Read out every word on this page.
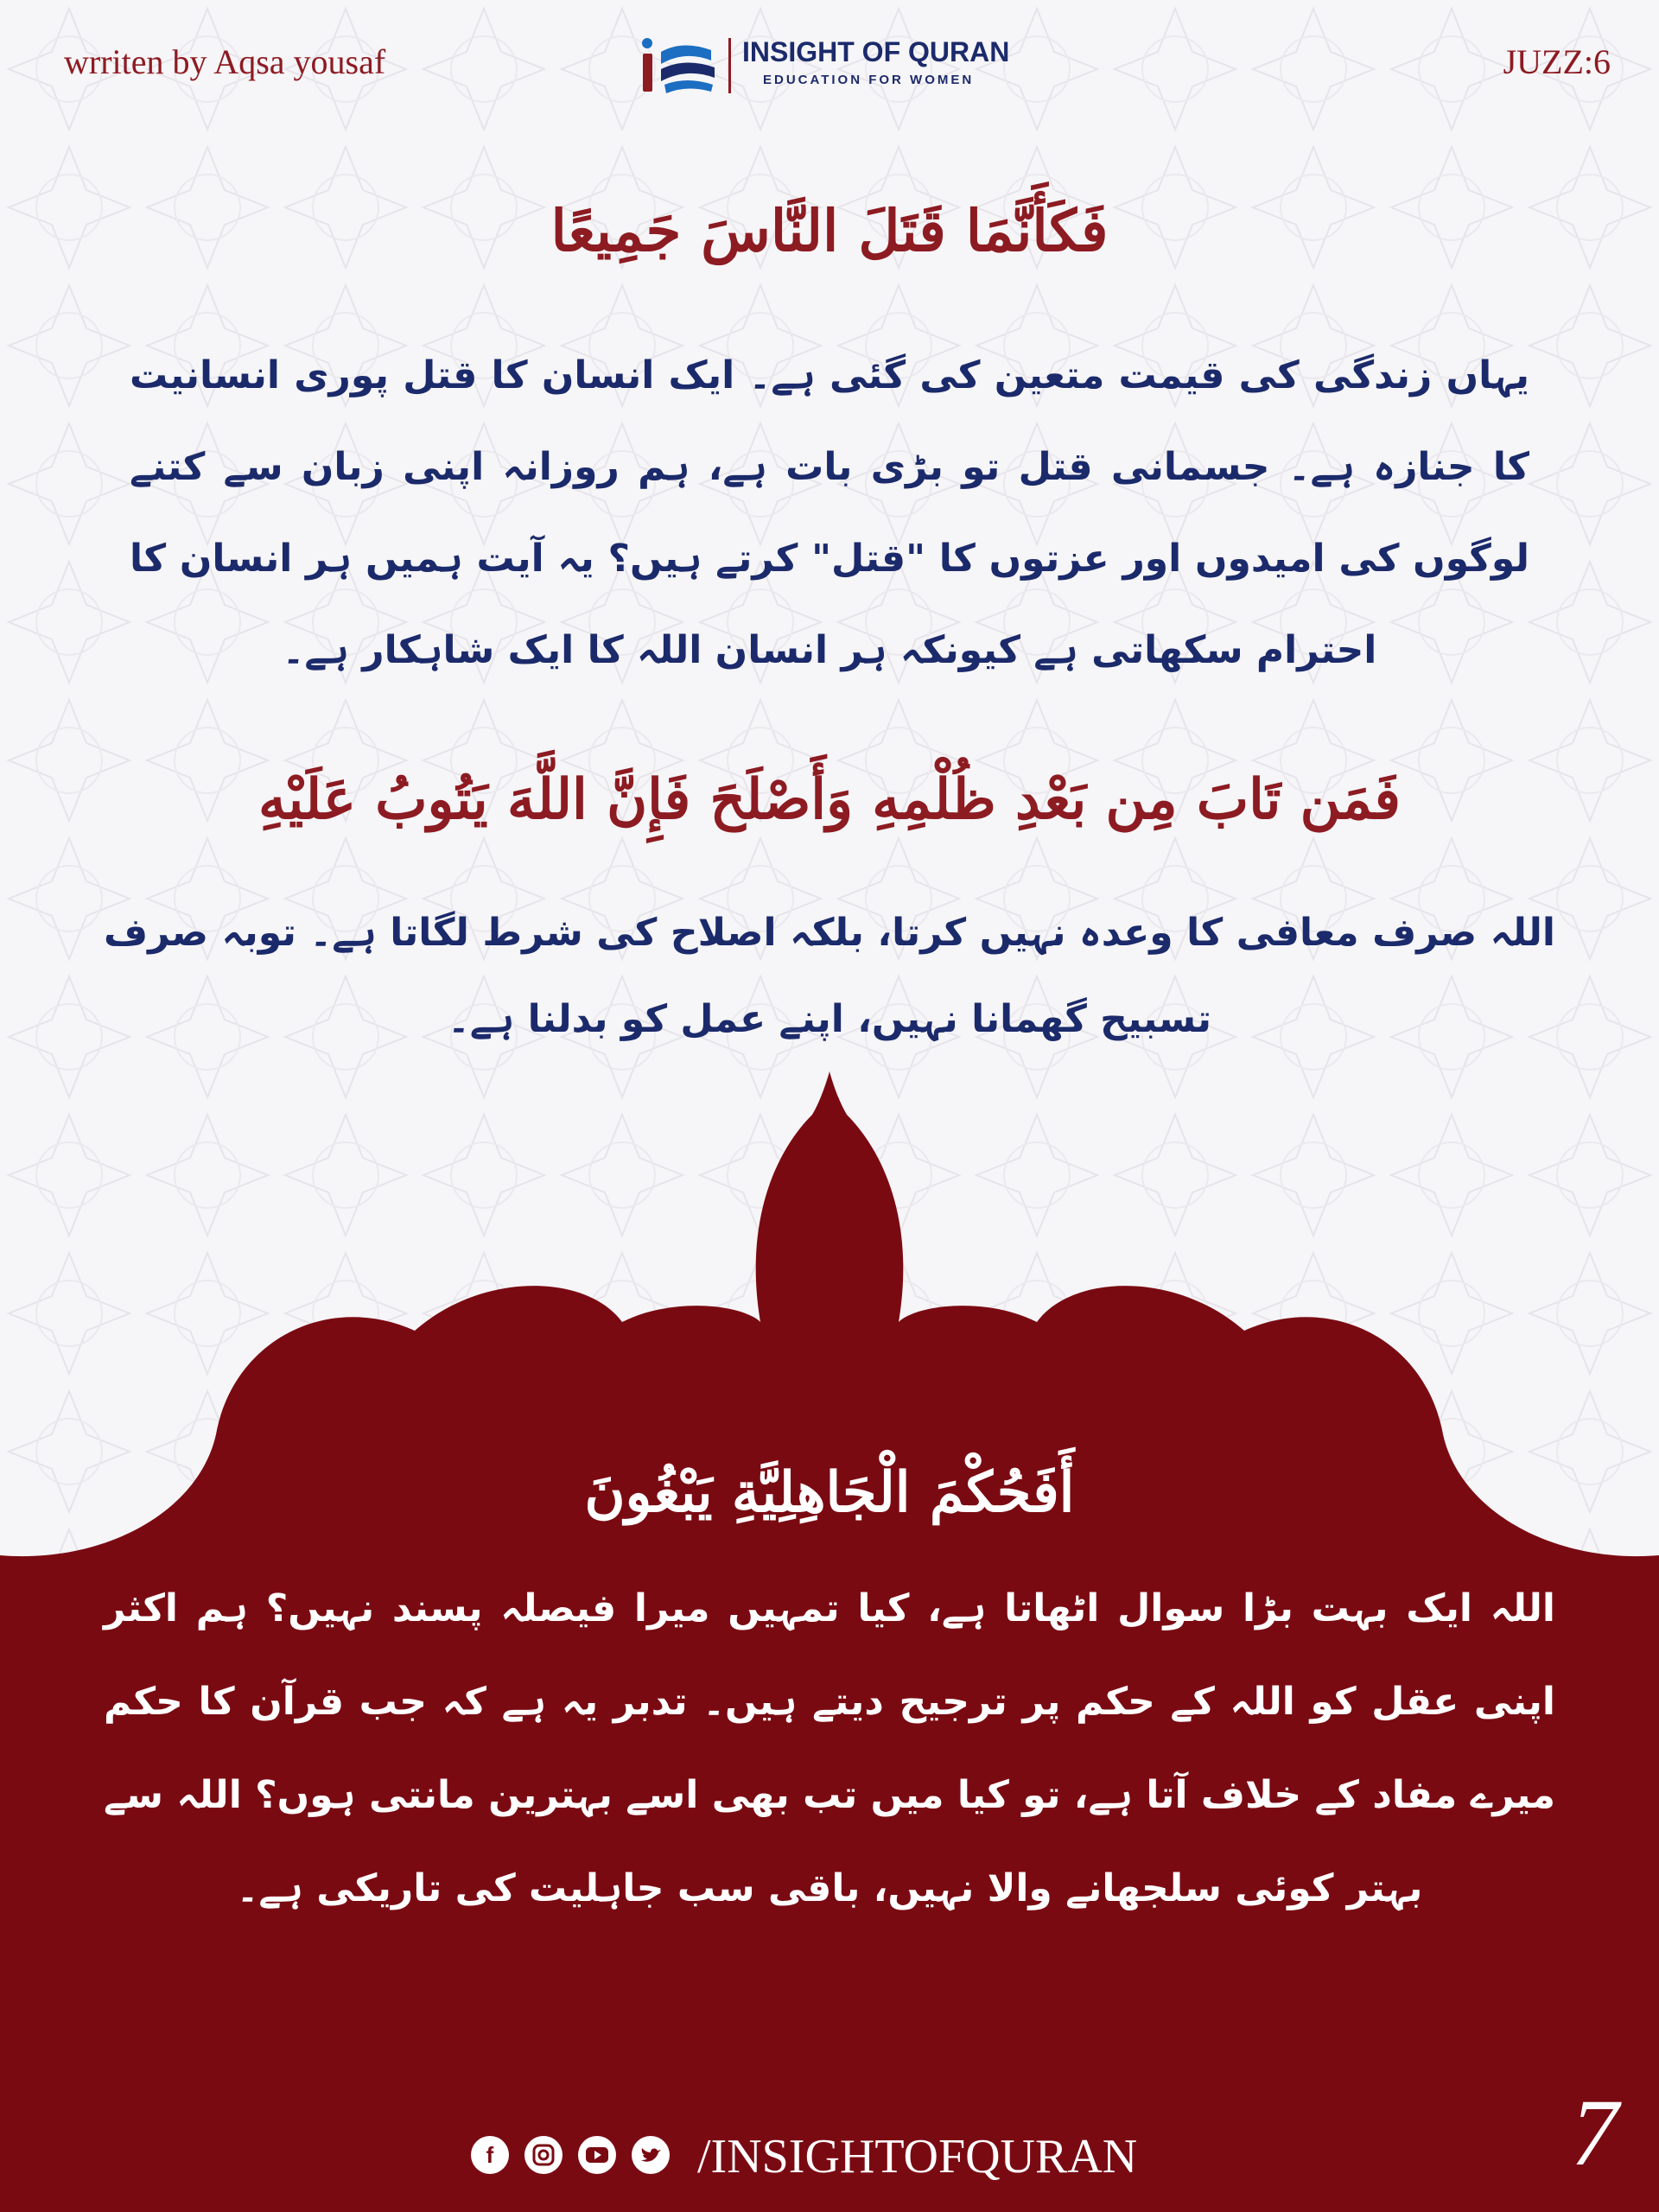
wrriten by Aqsa yousaf	JUZZ:6
INSIGHT OF QURAN
EDUCATION FOR WOMEN
فَكَأَنَّمَا قَتَلَ النَّاسَ جَمِيعًا
یہاں زندگی کی قیمت متعین کی گئی ہے۔ ایک انسان کا قتل پوری انسانیت کا جنازہ ہے۔ جسمانی قتل تو بڑی بات ہے، ہم روزانہ اپنی زبان سے کتنے لوگوں کی امیدوں اور عزتوں کا "قتل" کرتے ہیں؟ یہ آیت ہمیں ہر انسان کا احترام سکھاتی ہے کیونکہ ہر انسان اللہ کا ایک شاہکار ہے۔
فَمَن تَابَ مِن بَعْدِ ظُلْمِهِ وَأَصْلَحَ فَإِنَّ اللَّهَ يَتُوبُ عَلَيْهِ
اللہ صرف معافی کا وعدہ نہیں کرتا، بلکہ اصلاح کی شرط لگاتا ہے۔ توبہ صرف تسبیح گھمانا نہیں، اپنے عمل کو بدلنا ہے۔
أَفَحُكْمَ الْجَاهِلِيَّةِ يَبْغُونَ
اللہ ایک بہت بڑا سوال اٹھاتا ہے، کیا تمہیں میرا فیصلہ پسند نہیں؟ ہم اکثر اپنی عقل کو اللہ کے حکم پر ترجیح دیتے ہیں۔ تدبر یہ ہے کہ جب قرآن کا حکم میرے مفاد کے خلاف آتا ہے، تو کیا میں تب بھی اسے بہترین مانتی ہوں؟ اللہ سے بہتر کوئی سلجھانے والا نہیں، باقی سب جاہلیت کی تاریکی ہے۔
f	/INSIGHTOFQURAN	7
